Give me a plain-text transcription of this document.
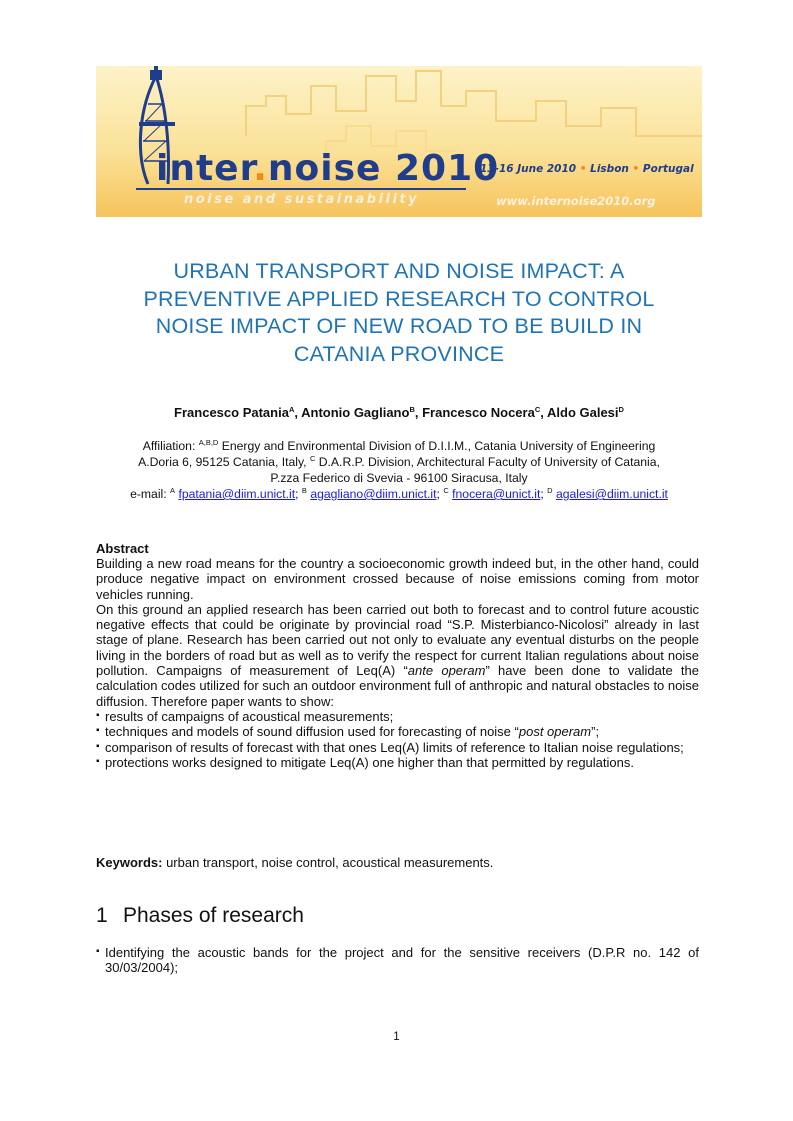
inter.noise 2010
noise and sustainability
13-16 June 2010 • Lisbon • Portugal
www.internoise2010.org
URBAN TRANSPORT AND NOISE IMPACT: A
PREVENTIVE APPLIED RESEARCH TO CONTROL
NOISE IMPACT OF NEW ROAD TO BE BUILD IN
CATANIA PROVINCE
Francesco Patania$^A$, Antonio Gagliano$^B$, Francesco Nocera$^C$, Aldo Galesi$^D$
Affiliation: $^{A,B,D}$ Energy and Environmental Division of D.I.I.M., Catania University of Engineering
A.Doria 6, 95125 Catania, Italy, $^C$ D.A.R.P. Division, Architectural Faculty of University of Catania,
P.zza Federico di Svevia - 96100 Siracusa, Italy
e-mail: $^A$ fpatania@diim.unict.it; $^B$ agagliano@diim.unict.it; $^C$ fnocera@unict.it; $^D$ agalesi@diim.unict.it
Abstract
Building a new road means for the country a socioeconomic growth indeed but, in the other hand, could produce negative impact on environment crossed because of noise emissions coming from motor vehicles running.
On this ground an applied research has been carried out both to forecast and to control future acoustic negative effects that could be originate by provincial road “S.P. Misterbianco-Nicolosi” already in last stage of plane. Research has been carried out not only to evaluate any eventual disturbs on the people living in the borders of road but as well as to verify the respect for current Italian regulations about noise pollution. Campaigns of measurement of Leq(A) “ante operam” have been done to validate the calculation codes utilized for such an outdoor environment full of anthropic and natural obstacles to noise diffusion. Therefore paper wants to show:
▪ results of campaigns of acoustical measurements;
▪ techniques and models of sound diffusion used for forecasting of noise “post operam”;
▪ comparison of results of forecast with that ones Leq(A) limits of reference to Italian noise regulations;
▪ protections works designed to mitigate Leq(A) one higher than that permitted by regulations.
Keywords: urban transport, noise control, acoustical measurements.
1 Phases of research
▪ Identifying the acoustic bands for the project and for the sensitive receivers (D.P.R no. 142 of 30/03/2004);
1
